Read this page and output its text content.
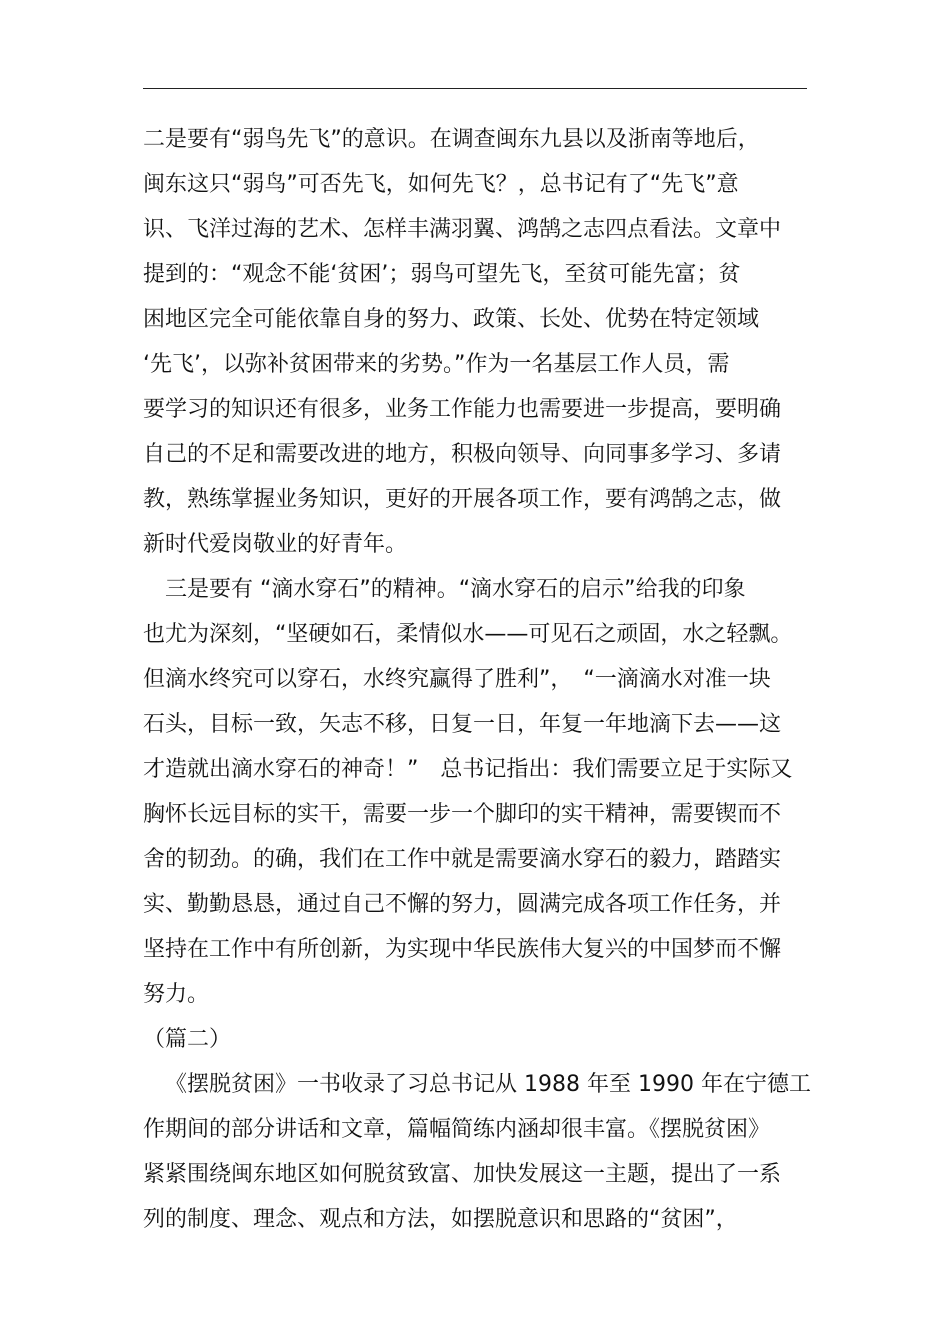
二是要有“弱鸟先飞”的意识。在调查闽东九县以及浙南等地后，
闽东这只“弱鸟”可否先飞，如何先飞？，总书记有了“先飞”意
识、飞洋过海的艺术、怎样丰满羽翼、鸿鹄之志四点看法。文章中
提到的：“观念不能‘贫困’；弱鸟可望先飞，至贫可能先富；贫
困地区完全可能依靠自身的努力、政策、长处、优势在特定领域
‘先飞’，以弥补贫困带来的劣势。”作为一名基层工作人员，需
要学习的知识还有很多，业务工作能力也需要进一步提高，要明确
自己的不足和需要改进的地方，积极向领导、向同事多学习、多请
教，熟练掌握业务知识，更好的开展各项工作，要有鸿鹄之志，做
新时代爱岗敬业的好青年。
三是要有 “滴水穿石”的精神。“滴水穿石的启示”给我的印象
也尤为深刻，“坚硬如石，柔情似水——可见石之顽固，水之轻飘。
但滴水终究可以穿石，水终究赢得了胜利”，　“一滴滴水对准一块
石头，目标一致，矢志不移，日复一日，年复一年地滴下去——这
才造就出滴水穿石的神奇！”　总书记指出：我们需要立足于实际又
胸怀长远目标的实干，需要一步一个脚印的实干精神，需要锲而不
舍的韧劲。的确，我们在工作中就是需要滴水穿石的毅力，踏踏实
实、勤勤恳恳，通过自己不懈的努力，圆满完成各项工作任务，并
坚持在工作中有所创新，为实现中华民族伟大复兴的中国梦而不懈
努力。
（篇二）
《摆脱贫困》一书收录了习总书记从 1988 年至 1990 年在宁德工
作期间的部分讲话和文章，篇幅简练内涵却很丰富。《摆脱贫困》
紧紧围绕闽东地区如何脱贫致富、加快发展这一主题，提出了一系
列的制度、理念、观点和方法，如摆脱意识和思路的“贫困”，
